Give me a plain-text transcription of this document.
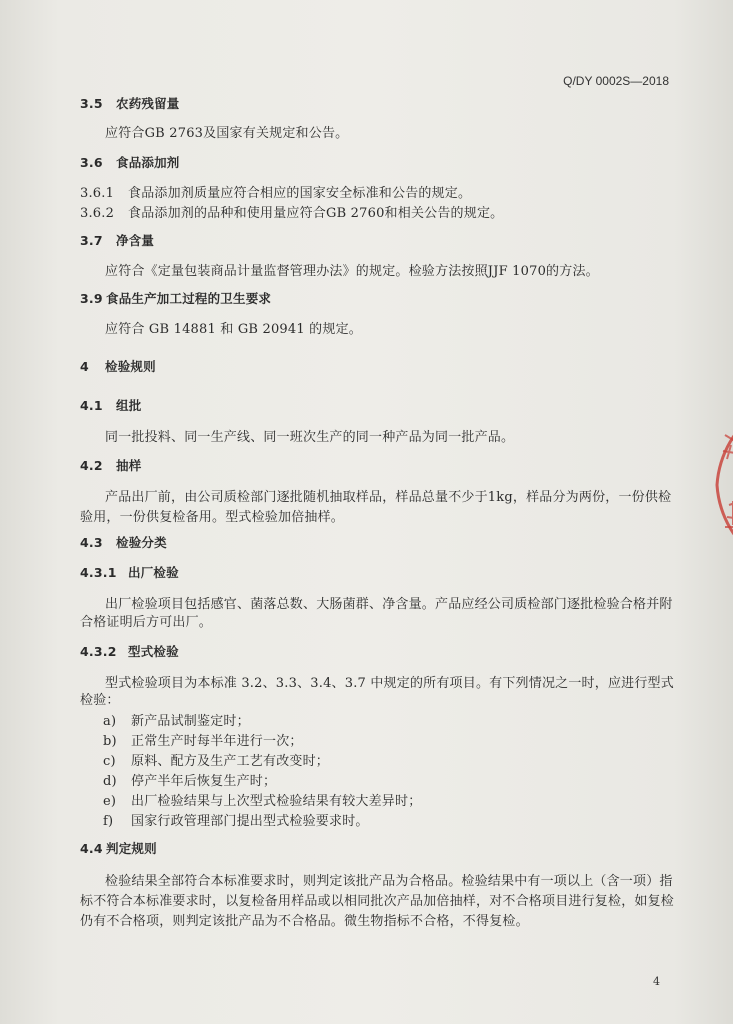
Q/DY 0002S—2018
3.5 农药残留量
应符合GB 2763及国家有关规定和公告。
3.6 食品添加剂
3.6.1 食品添加剂质量应符合相应的国家安全标准和公告的规定。
3.6.2 食品添加剂的品种和使用量应符合GB 2760和相关公告的规定。
3.7 净含量
应符合《定量包装商品计量监督管理办法》的规定。检验方法按照JJF 1070的方法。
3.9 食品生产加工过程的卫生要求
应符合 GB 14881 和 GB 20941 的规定。
4 检验规则
4.1 组批
同一批投料、同一生产线、同一班次生产的同一种产品为同一批产品。
4.2 抽样
产品出厂前，由公司质检部门逐批随机抽取样品，样品总量不少于1kg，样品分为两份，一份供检
验用，一份供复检备用。型式检验加倍抽样。
4.3 检验分类
4.3.1 出厂检验
出厂检验项目包括感官、菌落总数、大肠菌群、净含量。产品应经公司质检部门逐批检验合格并附
合格证明后方可出厂。
4.3.2 型式检验
型式检验项目为本标准 3.2、3.3、3.4、3.7 中规定的所有项目。有下列情况之一时，应进行型式
检验：
a) 新产品试制鉴定时；
b) 正常生产时每半年进行一次；
c) 原料、配方及生产工艺有改变时；
d) 停产半年后恢复生产时；
e) 出厂检验结果与上次型式检验结果有较大差异时；
f) 国家行政管理部门提出型式检验要求时。
4.4 判定规则
检验结果全部符合本标准要求时，则判定该批产品为合格品。检验结果中有一项以上（含一项）指
标不符合本标准要求时，以复检备用样品或以相同批次产品加倍抽样，对不合格项目进行复检，如复检
仍有不合格项，则判定该批产品为不合格品。微生物指标不合格，不得复检。
4
